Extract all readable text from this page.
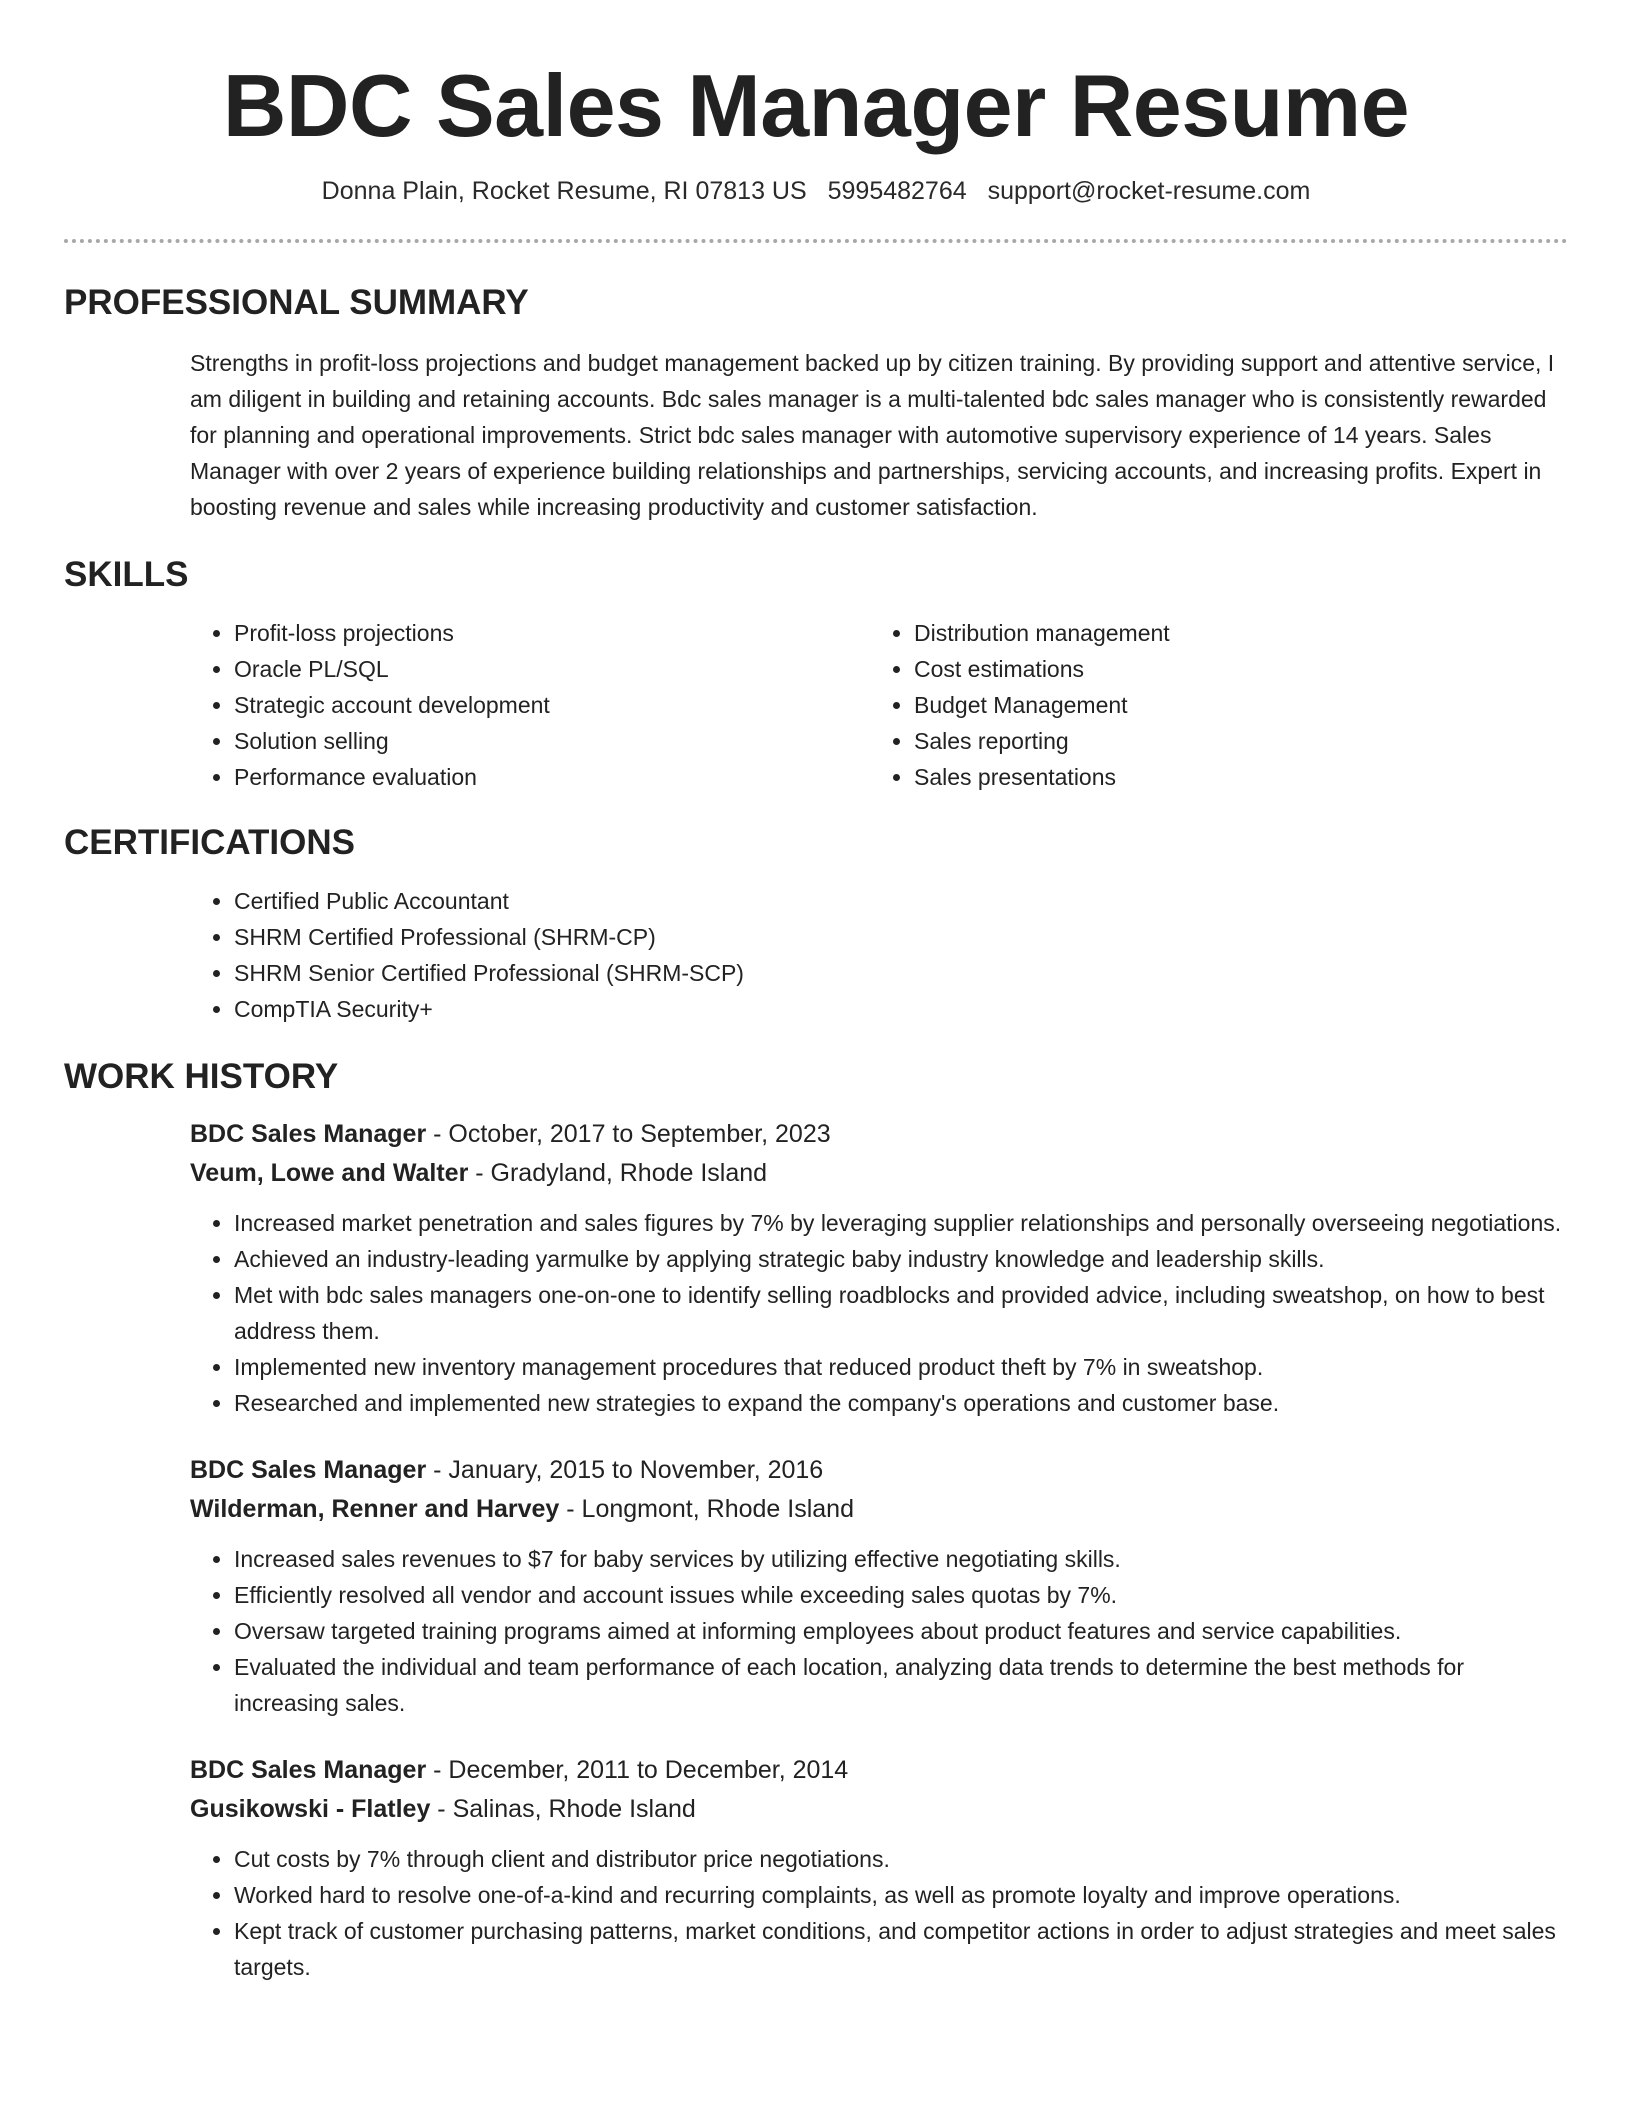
BDC Sales Manager Resume
Donna Plain, Rocket Resume, RI 07813 US 5995482764 support@rocket-resume.com
PROFESSIONAL SUMMARY
Strengths in profit-loss projections and budget management backed up by citizen training. By providing support and attentive service, I am diligent in building and retaining accounts. Bdc sales manager is a multi-talented bdc sales manager who is consistently rewarded for planning and operational improvements. Strict bdc sales manager with automotive supervisory experience of 14 years. Sales Manager with over 2 years of experience building relationships and partnerships, servicing accounts, and increasing profits. Expert in boosting revenue and sales while increasing productivity and customer satisfaction.
SKILLS
• Profit-loss projections
• Oracle PL/SQL
• Strategic account development
• Solution selling
• Performance evaluation
• Distribution management
• Cost estimations
• Budget Management
• Sales reporting
• Sales presentations
CERTIFICATIONS
• Certified Public Accountant
• SHRM Certified Professional (SHRM-CP)
• SHRM Senior Certified Professional (SHRM-SCP)
• CompTIA Security+
WORK HISTORY
BDC Sales Manager - October, 2017 to September, 2023
Veum, Lowe and Walter - Gradyland, Rhode Island
• Increased market penetration and sales figures by 7% by leveraging supplier relationships and personally overseeing negotiations.
• Achieved an industry-leading yarmulke by applying strategic baby industry knowledge and leadership skills.
• Met with bdc sales managers one-on-one to identify selling roadblocks and provided advice, including sweatshop, on how to best address them.
• Implemented new inventory management procedures that reduced product theft by 7% in sweatshop.
• Researched and implemented new strategies to expand the company's operations and customer base.
BDC Sales Manager - January, 2015 to November, 2016
Wilderman, Renner and Harvey - Longmont, Rhode Island
• Increased sales revenues to $7 for baby services by utilizing effective negotiating skills.
• Efficiently resolved all vendor and account issues while exceeding sales quotas by 7%.
• Oversaw targeted training programs aimed at informing employees about product features and service capabilities.
• Evaluated the individual and team performance of each location, analyzing data trends to determine the best methods for increasing sales.
BDC Sales Manager - December, 2011 to December, 2014
Gusikowski - Flatley - Salinas, Rhode Island
• Cut costs by 7% through client and distributor price negotiations.
• Worked hard to resolve one-of-a-kind and recurring complaints, as well as promote loyalty and improve operations.
• Kept track of customer purchasing patterns, market conditions, and competitor actions in order to adjust strategies and meet sales targets.
